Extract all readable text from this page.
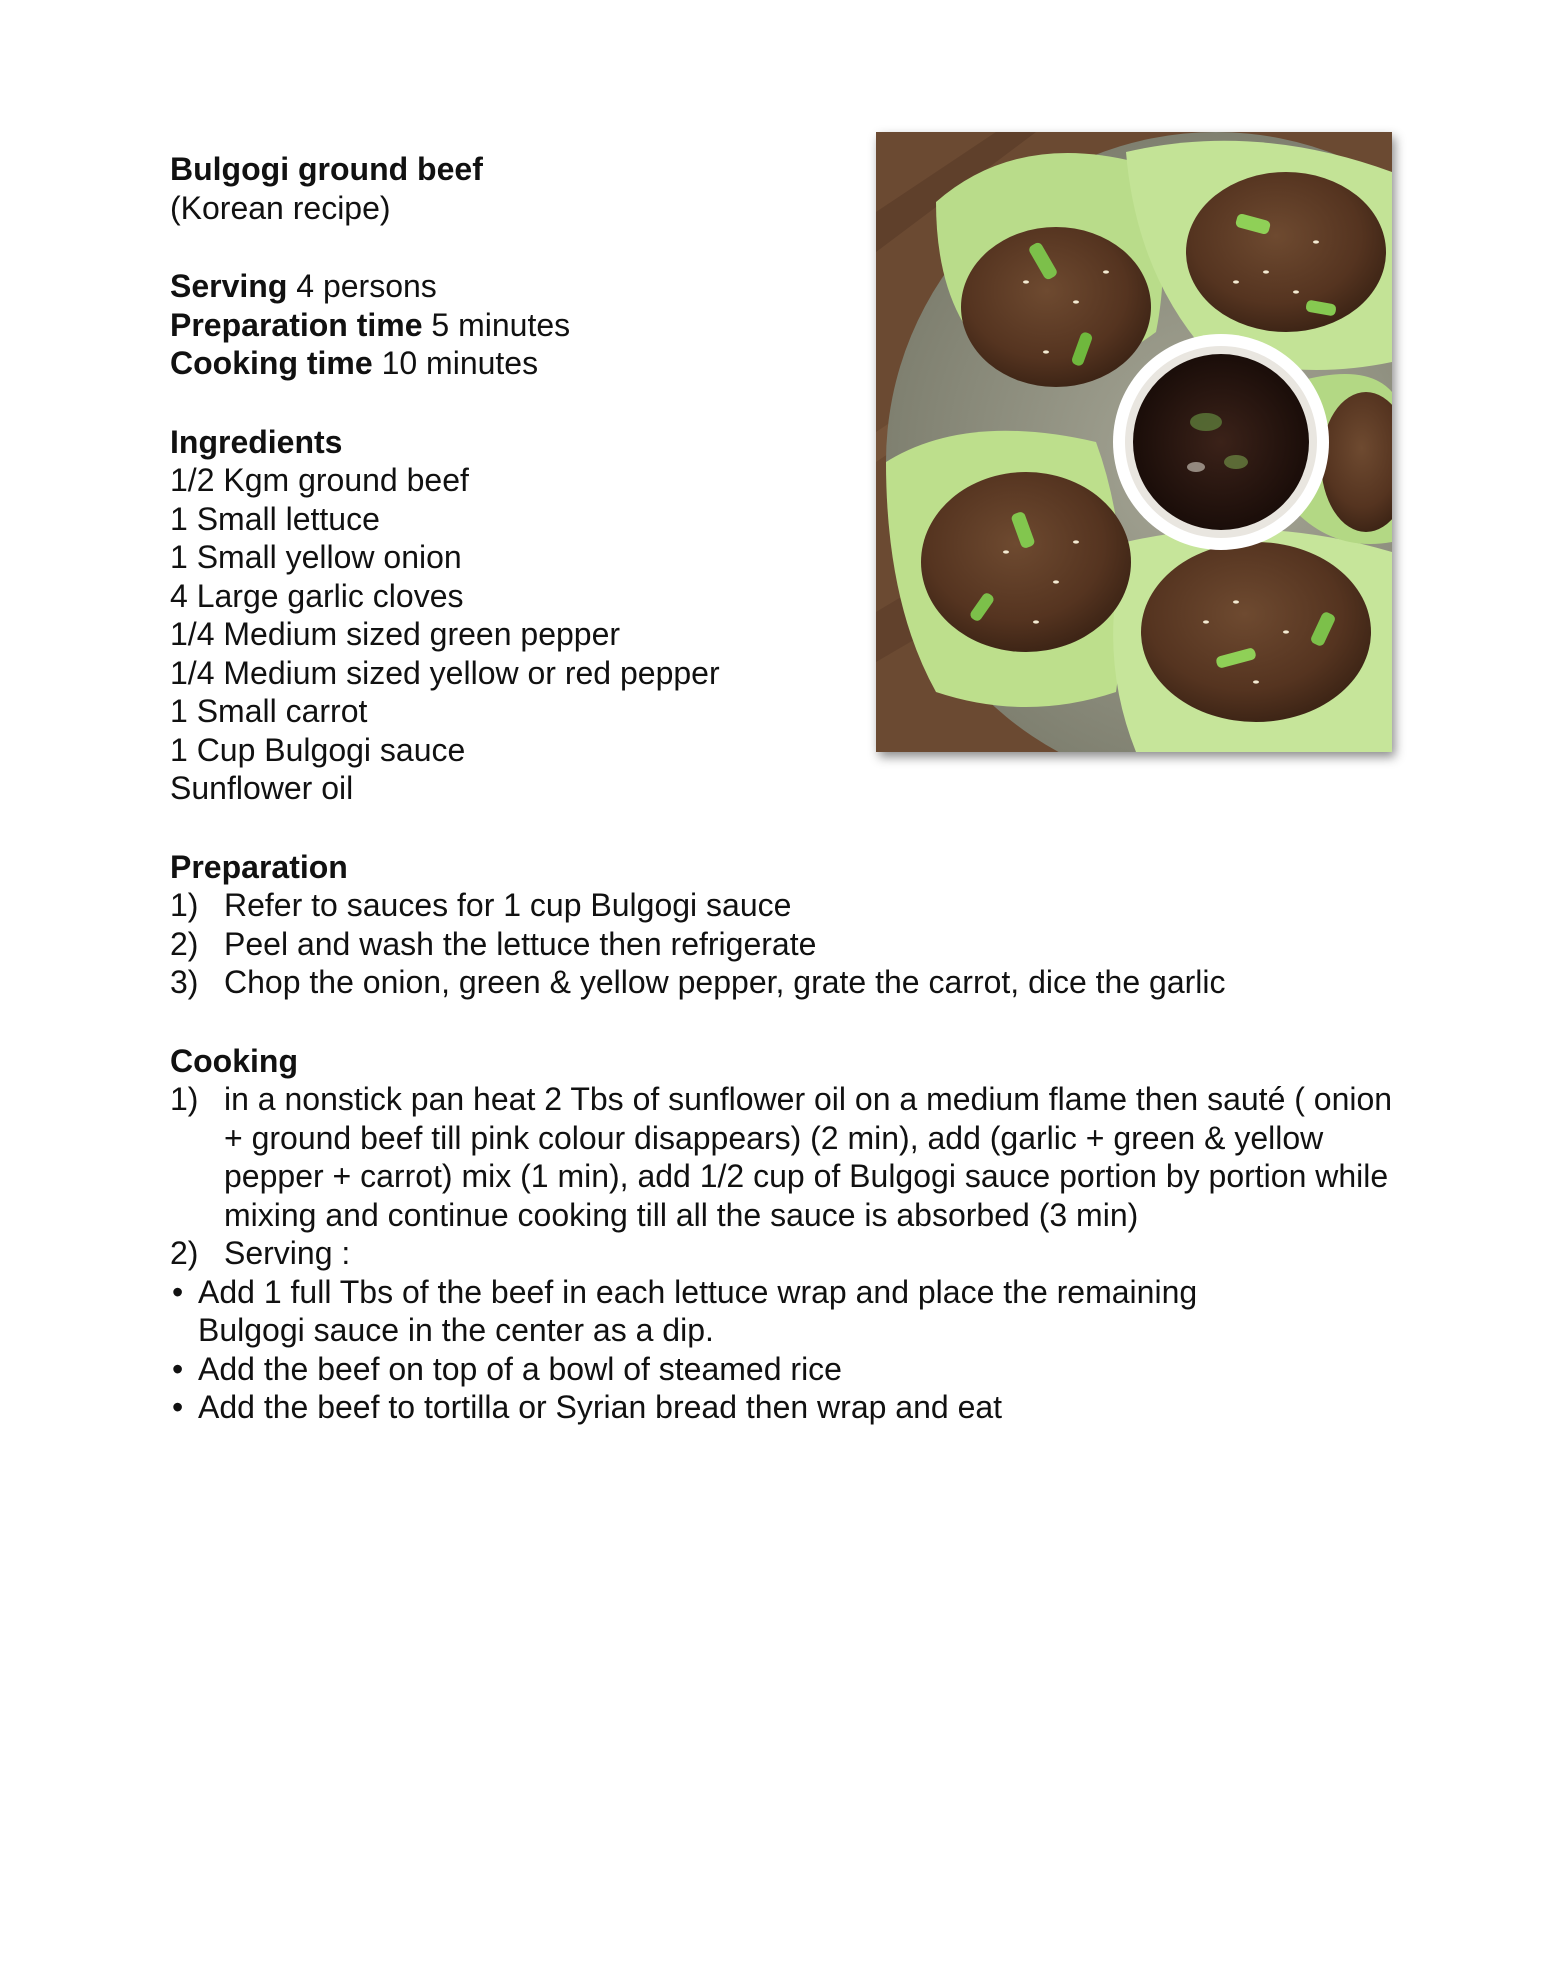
Bulgogi ground beef
(Korean recipe)
Serving 4 persons
Preparation time 5 minutes
Cooking time 10 minutes
Ingredients
1/2 Kgm ground beef
1 Small lettuce
1 Small yellow onion
4 Large garlic cloves
1/4 Medium sized green pepper
1/4 Medium sized yellow or red pepper
1 Small carrot
1 Cup Bulgogi sauce
Sunflower oil
Preparation
1) Refer to sauces for 1 cup Bulgogi sauce
2) Peel and wash the lettuce then refrigerate
3) Chop the onion, green & yellow pepper, grate the carrot, dice the garlic
Cooking
1) in a nonstick pan heat 2 Tbs of sunflower oil on a medium flame then sauté ( onion + ground beef till pink colour disappears) (2 min), add (garlic + green & yellow pepper + carrot) mix (1 min), add 1/2 cup of Bulgogi sauce portion by portion while mixing and continue cooking till all the sauce is absorbed (3 min)
2) Serving :
• Add 1 full Tbs of the beef in each lettuce wrap and place the remaining Bulgogi sauce in the center as a dip.
• Add the beef on top of a bowl of steamed rice
• Add the beef to tortilla or Syrian bread then wrap and eat
